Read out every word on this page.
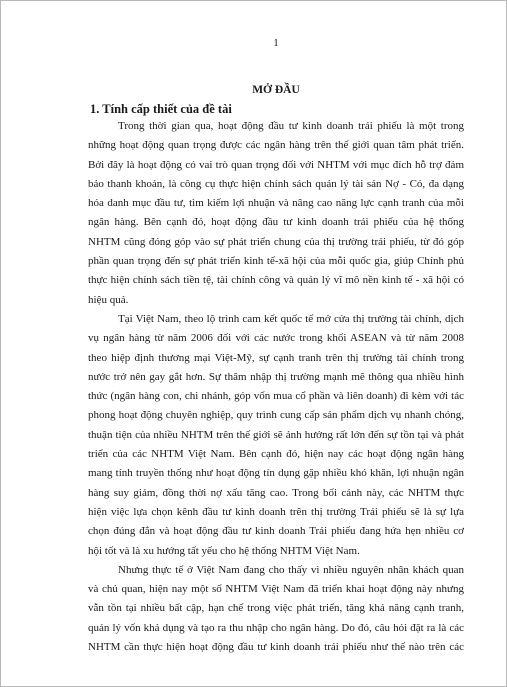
1
MỞ ĐẦU
1. Tính cấp thiết của đề tài
Trong thời gian qua, hoạt động đầu tư kinh doanh trái phiếu là một trong
những hoạt động quan trọng được các ngân hàng trên thế giới quan tâm phát triển.
Bởi đây là hoạt động có vai trò quan trọng đối với NHTM với mục đích hỗ trợ đảm
bảo thanh khoản, là công cụ thực hiện chính sách quản lý tài sản Nợ - Có, đa dạng
hóa danh mục đầu tư, tìm kiếm lợi nhuận và nâng cao năng lực cạnh tranh của mỗi
ngân hàng. Bên cạnh đó, hoạt động đầu tư kinh doanh trái phiếu của hệ thống
NHTM cũng đóng góp vào sự phát triển chung của thị trường trái phiếu, từ đó góp
phần quan trọng đến sự phát triển kinh tế-xã hội của mỗi quốc gia, giúp Chính phủ
thực hiện chính sách tiền tệ, tài chính công và quản lý vĩ mô nền kinh tế - xã hội có
hiệu quả.
Tại Việt Nam, theo lộ trình cam kết quốc tế mở cửa thị trường tài chính, dịch
vụ ngân hàng từ năm 2006 đối với các nước trong khối ASEAN và từ năm 2008
theo hiệp định thương mại Việt-Mỹ, sự cạnh tranh trên thị trường tài chính trong
nước trở nên gay gắt hơn. Sự thâm nhập thị trường mạnh mẽ thông qua nhiều hình
thức (ngân hàng con, chi nhánh, góp vốn mua cổ phần và liên doanh) đi kèm với tác
phong hoạt động chuyên nghiệp, quy trình cung cấp sản phẩm dịch vụ nhanh chóng,
thuận tiện của nhiều NHTM trên thế giới sẽ ảnh hưởng rất lớn đến sự tồn tại và phát
triển của các NHTM Việt Nam. Bên cạnh đó, hiện nay các hoạt động ngân hàng
mang tính truyền thống như hoạt động tín dụng gặp nhiều khó khăn, lợi nhuận ngân
hàng suy giảm, đồng thời nợ xấu tăng cao. Trong bối cảnh này, các NHTM thực
hiện việc lựa chọn kênh đầu tư kinh doanh trên thị trường Trái phiếu sẽ là sự lựa
chọn đúng đắn và hoạt động đầu tư kinh doanh Trái phiếu đang hứa hẹn nhiều cơ
hội tốt và là xu hướng tất yếu cho hệ thống NHTM Việt Nam.
Nhưng thực tế ở Việt Nam đang cho thấy vì nhiều nguyên nhân khách quan
và chủ quan, hiện nay một số NHTM Việt Nam đã triển khai hoạt động này nhưng
vẫn tồn tại nhiều bất cập, hạn chế trong việc phát triển, tăng khả năng cạnh tranh,
quản lý vốn khả dụng và tạo ra thu nhập cho ngân hàng. Do đó, câu hỏi đặt ra là các
NHTM cần thực hiện hoạt động đầu tư kinh doanh trái phiếu như thế nào trên các
